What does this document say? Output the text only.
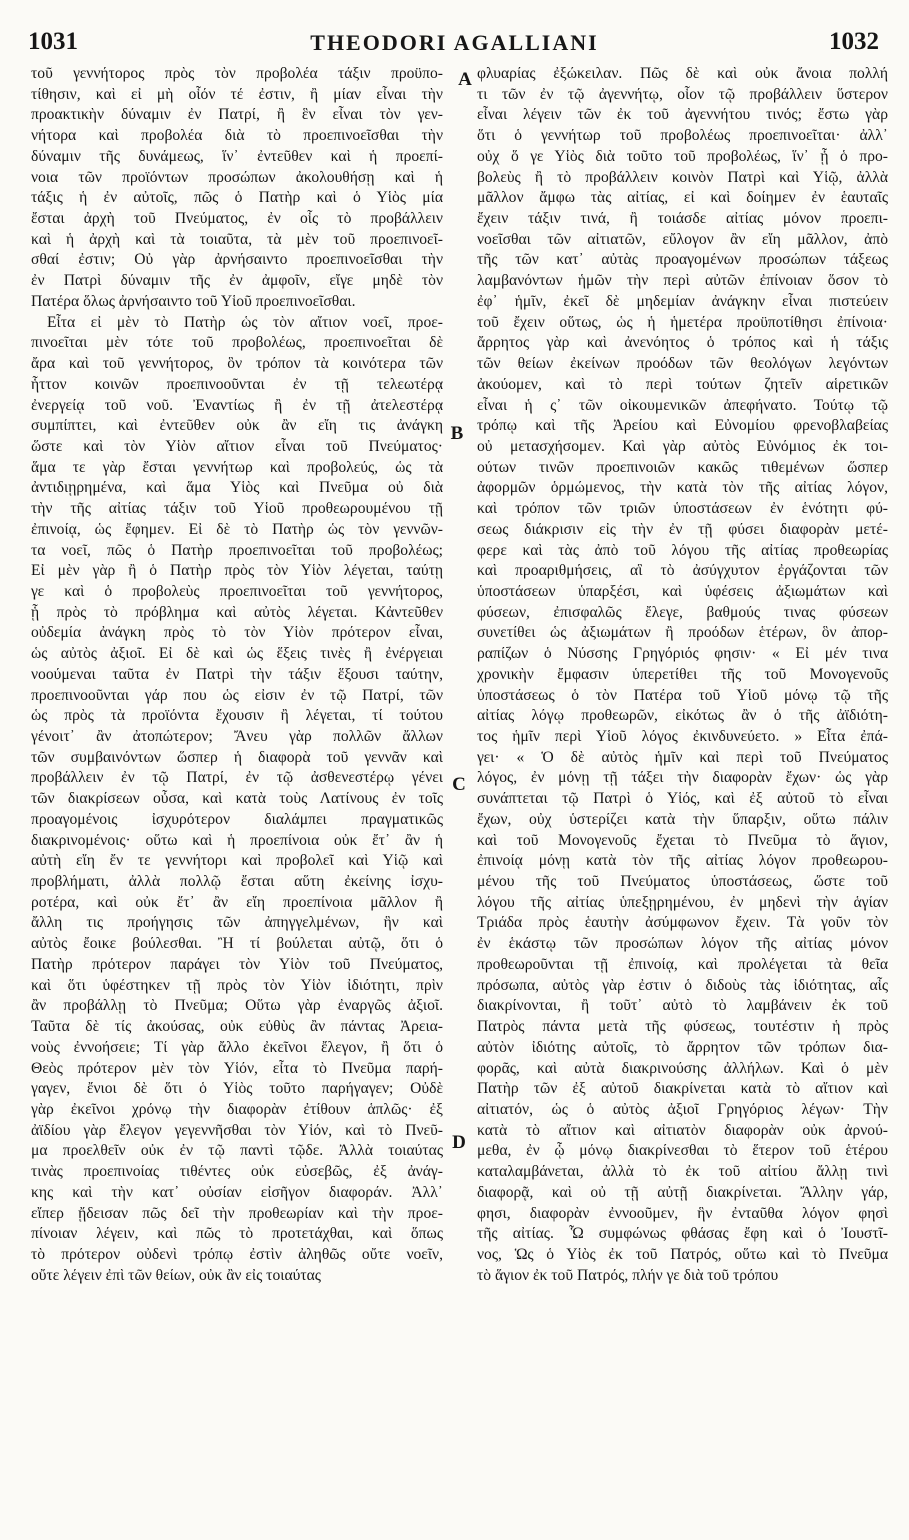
1031	THEODORI AGALLIANI	1032
τοῦ γεννήτορος πρὸς τὸν προβολέα τάξιν προϋπο-
τίθησιν, καὶ εἰ μὴ οἷόν τέ ἐστιν, ἢ μίαν εἶναι τὴν
προακτικὴν δύναμιν ἐν Πατρί, ἢ ἓν εἶναι τὸν γεν-
νήτορα καὶ προβολέα διὰ τὸ προεπινοεῖσθαι τὴν
δύναμιν τῆς δυνάμεως, ἵν᾽ ἐντεῦθεν καὶ ἡ προεπί-
νοια τῶν προϊόντων προσώπων ἀκολουθήσῃ καὶ ἡ
τάξις ἡ ἐν αὐτοῖς, πῶς ὁ Πατὴρ καὶ ὁ Υἱὸς μία
ἔσται ἀρχὴ τοῦ Πνεύματος, ἐν οἷς τὸ προβάλλειν
καὶ ἡ ἀρχὴ καὶ τὰ τοιαῦτα, τὰ μὲν τοῦ προεπινοεῖ-
σθαί ἐστιν; Οὐ γὰρ ἀρνήσαιντο προεπινοεῖσθαι τὴν
ἐν Πατρὶ δύναμιν τῆς ἐν ἀμφοῖν, εἴγε μηδὲ τὸν
Πατέρα ὅλως ἀρνήσαιντο τοῦ Υἱοῦ προεπινοεῖσθαι.
Εἶτα εἰ μὲν τὸ Πατὴρ ὡς τὸν αἴτιον νοεῖ, προε-
πινοεῖται μὲν τότε τοῦ προβολέως, προεπινοεῖται δὲ
ἄρα καὶ τοῦ γεννήτορος, ὃν τρόπον τὰ κοινότερα τῶν
ἧττον κοινῶν προεπινοοῦνται ἐν τῇ τελεωτέρᾳ
ἐνεργείᾳ τοῦ νοῦ. Ἐναντίως ἢ ἐν τῇ ἀτελεστέρᾳ
συμπίπτει, καὶ ἐντεῦθεν οὐκ ἂν εἴη τις ἀνάγκη
ὥστε καὶ τὸν Υἱὸν αἴτιον εἶναι τοῦ Πνεύματος·
ἅμα τε γὰρ ἔσται γεννήτωρ καὶ προβολεύς, ὡς τὰ
ἀντιδιῃρημένα, καὶ ἅμα Υἱὸς καὶ Πνεῦμα οὐ διὰ
τὴν τῆς αἰτίας τάξιν τοῦ Υἱοῦ προθεωρουμένου τῇ
ἐπινοίᾳ, ὡς ἔφημεν. Εἰ δὲ τὸ Πατὴρ ὡς τὸν γεννῶν-
τα νοεῖ, πῶς ὁ Πατὴρ προεπινοεῖται τοῦ προβολέως;
Εἰ μὲν γὰρ ἢ ὁ Πατὴρ πρὸς τὸν Υἱὸν λέγεται, ταύτῃ
γε καὶ ὁ προβολεὺς προεπινοεῖται τοῦ γεννήτορος,
ᾗ πρὸς τὸ πρόβλημα καὶ αὐτὸς λέγεται. Κἀντεῦθεν
οὐδεμία ἀνάγκη πρὸς τὸ τὸν Υἱὸν πρότερον εἶναι,
ὡς αὐτὸς ἀξιοῖ. Εἰ δὲ καὶ ὡς ἕξεις τινὲς ἢ ἐνέργειαι
νοούμεναι ταῦτα ἐν Πατρὶ τὴν τάξιν ἕξουσι ταύτην,
προεπινοοῦνται γάρ που ὡς εἰσιν ἐν τῷ Πατρί, τῶν
ὡς πρὸς τὰ προϊόντα ἔχουσιν ἢ λέγεται, τί τούτου
γένοιτ᾽ ἂν ἀτοπώτερον; Ἄνευ γὰρ πολλῶν ἄλλων
τῶν συμβαινόντων ὥσπερ ἡ διαφορὰ τοῦ γεννᾶν καὶ
προβάλλειν ἐν τῷ Πατρί, ἐν τῷ ἀσθενεστέρῳ γένει
τῶν διακρίσεων οὖσα, καὶ κατὰ τοὺς Λατίνους ἐν τοῖς
προαγομένοις ἰσχυρότερον διαλάμπει πραγματικῶς
διακρινομένοις· οὕτω καὶ ἡ προεπίνοια οὐκ ἔτ᾽ ἂν ἡ
αὐτὴ εἴη ἔν τε γεννήτορι καὶ προβολεῖ καὶ Υἱῷ καὶ
προβλήματι, ἀλλὰ πολλῷ ἔσται αὕτη ἐκείνης ἰσχυ-
ροτέρα, καὶ οὐκ ἔτ᾽ ἂν εἴη προεπίνοια μᾶλλον ἢ
ἄλλη τις προήγησις τῶν ἀπηγγελμένων, ἣν καὶ
αὐτὸς ἔοικε βούλεσθαι. Ἢ τί βούλεται αὐτῷ, ὅτι ὁ
Πατὴρ πρότερον παράγει τὸν Υἱὸν τοῦ Πνεύματος,
καὶ ὅτι ὑφέστηκεν τῇ πρὸς τὸν Υἱὸν ἰδιότητι, πρὶν
ἂν προβάλλῃ τὸ Πνεῦμα; Οὕτω γὰρ ἐναργῶς ἀξιοῖ.
Ταῦτα δὲ τίς ἀκούσας, οὐκ εὐθὺς ἂν πάντας Ἀρεια-
νοὺς ἐννοήσειε; Τί γὰρ ἄλλο ἐκεῖνοι ἔλεγον, ἢ ὅτι ὁ
Θεὸς πρότερον μὲν τὸν Υἱόν, εἶτα τὸ Πνεῦμα παρή-
γαγεν, ἔνιοι δὲ ὅτι ὁ Υἱὸς τοῦτο παρήγαγεν; Οὐδὲ
γὰρ ἐκεῖνοι χρόνῳ τὴν διαφορὰν ἐτίθουν ἁπλῶς· ἐξ
ἀϊδίου γὰρ ἔλεγον γεγεννῆσθαι τὸν Υἱόν, καὶ τὸ Πνεῦ-
μα προελθεῖν οὐκ ἐν τῷ παντὶ τῷδε. Ἀλλὰ τοιαύτας
τινὰς προεπινοίας τιθέντες οὐκ εὐσεβῶς, ἐξ ἀνάγ-
κης καὶ τὴν κατ᾽ οὐσίαν εἰσῆγον διαφοράν. Ἀλλ᾽
εἴπερ ᾔδεισαν πῶς δεῖ τὴν προθεωρίαν καὶ τὴν προε-
πίνοιαν λέγειν, καὶ πῶς τὸ προτετάχθαι, καὶ ὅπως
τὸ πρότερον οὐδενὶ τρόπῳ ἐστὶν ἀληθῶς οὔτε νοεῖν,
οὔτε λέγειν ἐπὶ τῶν θείων, οὐκ ἂν εἰς τοιαύτας
φλυαρίας ἐξώκειλαν. Πῶς δὲ καὶ οὐκ ἄνοια πολλή
τι τῶν ἐν τῷ ἀγεννήτῳ, οἷον τῷ προβάλλειν ὕστερον
εἶναι λέγειν τῶν ἐκ τοῦ ἀγεννήτου τινός; ἔστω γὰρ
ὅτι ὁ γεννήτωρ τοῦ προβολέως προεπινοεῖται· ἀλλ᾽
οὐχ ὅ γε Υἱὸς διὰ τοῦτο τοῦ προβολέως, ἵν᾽ ᾖ ὁ προ-
βολεὺς ἢ τὸ προβάλλειν κοινὸν Πατρὶ καὶ Υἱῷ, ἀλλὰ
μᾶλλον ἄμφω τὰς αἰτίας, εἰ καὶ δοίημεν ἐν ἑαυταῖς
ἔχειν τάξιν τινά, ἢ τοιάσδε αἰτίας μόνον προεπι-
νοεῖσθαι τῶν αἰτιατῶν, εὔλογον ἂν εἴη μᾶλλον, ἀπὸ
τῆς τῶν κατ᾽ αὐτὰς προαγομένων προσώπων τάξεως
λαμβανόντων ἡμῶν τὴν περὶ αὐτῶν ἐπίνοιαν ὅσον τὸ
ἐφ᾽ ἡμῖν, ἐκεῖ δὲ μηδεμίαν ἀνάγκην εἶναι πιστεύειν
τοῦ ἔχειν οὕτως, ὡς ἡ ἡμετέρα προϋποτίθησι ἐπίνοια·
ἄρρητος γὰρ καὶ ἀνενόητος ὁ τρόπος καὶ ἡ τάξις
τῶν θείων ἐκείνων προόδων τῶν θεολόγων λεγόντων
ἀκούομεν, καὶ τὸ περὶ τούτων ζητεῖν αἱρετικῶν
εἶναι ἡ ς᾽ τῶν οἰκουμενικῶν ἀπεφήνατο. Τούτῳ τῷ
τρόπῳ καὶ τῆς Ἀρείου καὶ Εὐνομίου φρενοβλαβείας
οὐ μετασχήσομεν. Καὶ γὰρ αὐτὸς Εὐνόμιος ἐκ τοι-
ούτων τινῶν προεπινοιῶν κακῶς τιθεμένων ὥσπερ
ἀφορμῶν ὁρμώμενος, τὴν κατὰ τὸν τῆς αἰτίας λόγον,
καὶ τρόπον τῶν τριῶν ὑποστάσεων ἐν ἑνότητι φύ-
σεως διάκρισιν εἰς τὴν ἐν τῇ φύσει διαφορὰν μετέ-
φερε καὶ τὰς ἀπὸ τοῦ λόγου τῆς αἰτίας προθεωρίας
καὶ προαριθμήσεις, αἳ τὸ ἀσύγχυτον ἐργάζονται τῶν
ὑποστάσεων ὑπαρξέσι, καὶ ὑφέσεις ἀξιωμάτων καὶ
φύσεων, ἐπισφαλῶς ἔλεγε, βαθμούς τινας φύσεων
συνετίθει ὡς ἀξιωμάτων ἢ προόδων ἑτέρων, ὃν ἀπορ-
ραπίζων ὁ Νύσσης Γρηγόριός φησιν· « Εἰ μέν τινα
χρονικὴν ἔμφασιν ὑπερετίθει τῆς τοῦ Μονογενοῦς
ὑποστάσεως ὁ τὸν Πατέρα τοῦ Υἱοῦ μόνῳ τῷ τῆς
αἰτίας λόγῳ προθεωρῶν, εἰκότως ἂν ὁ τῆς ἀϊδιότη-
τος ἡμῖν περὶ Υἱοῦ λόγος ἐκινδυνεύετο. » Εἶτα ἐπά-
γει· « Ὁ δὲ αὐτὸς ἡμῖν καὶ περὶ τοῦ Πνεύματος
λόγος, ἐν μόνῃ τῇ τάξει τὴν διαφορὰν ἔχων· ὡς γὰρ
συνάπτεται τῷ Πατρὶ ὁ Υἱός, καὶ ἐξ αὐτοῦ τὸ εἶναι
ἔχων, οὐχ ὑστερίζει κατὰ τὴν ὕπαρξιν, οὕτω πάλιν
καὶ τοῦ Μονογενοῦς ἔχεται τὸ Πνεῦμα τὸ ἅγιον,
ἐπινοίᾳ μόνῃ κατὰ τὸν τῆς αἰτίας λόγον προθεωρου-
μένου τῆς τοῦ Πνεύματος ὑποστάσεως, ὥστε τοῦ
λόγου τῆς αἰτίας ὑπεξῃρημένου, ἐν μηδενὶ τὴν ἁγίαν
Τριάδα πρὸς ἑαυτὴν ἀσύμφωνον ἔχειν. Τὰ γοῦν τὸν
ἐν ἑκάστῳ τῶν προσώπων λόγον τῆς αἰτίας μόνον
προθεωροῦνται τῇ ἐπινοίᾳ, καὶ προλέγεται τὰ θεῖα
πρόσωπα, αὐτὸς γὰρ ἐστιν ὁ διδοὺς τὰς ἰδιότητας, αἷς
διακρίνονται, ἢ τοῦτ᾽ αὐτὸ τὸ λαμβάνειν ἐκ τοῦ
Πατρὸς πάντα μετὰ τῆς φύσεως, τουτέστιν ἡ πρὸς
αὐτὸν ἰδιότης αὐτοῖς, τὸ ἄρρητον τῶν τρόπων δια-
φορᾶς, καὶ αὐτὰ διακρινούσης ἀλλήλων. Καὶ ὁ μὲν
Πατὴρ τῶν ἐξ αὐτοῦ διακρίνεται κατὰ τὸ αἴτιον καὶ
αἰτιατόν, ὡς ὁ αὐτὸς ἀξιοῖ Γρηγόριος λέγων· Τὴν
κατὰ τὸ αἴτιον καὶ αἰτιατὸν διαφορὰν οὐκ ἀρνού-
μεθα, ἐν ᾧ μόνῳ διακρίνεσθαι τὸ ἕτερον τοῦ ἑτέρου
καταλαμβάνεται, ἀλλὰ τὸ ἐκ τοῦ αἰτίου ἄλλῃ τινὶ
διαφορᾷ, καὶ οὐ τῇ αὐτῇ διακρίνεται. Ἄλλην γάρ,
φησι, διαφορὰν ἐννοοῦμεν, ἣν ἐνταῦθα λόγον φησὶ
τῆς αἰτίας. Ὧ συμφώνως φθάσας ἔφη καὶ ὁ Ἰουστῖ-
νος, Ὡς ὁ Υἱὸς ἐκ τοῦ Πατρός, οὕτω καὶ τὸ Πνεῦμα
τὸ ἅγιον ἐκ τοῦ Πατρός, πλήν γε διὰ τοῦ τρόπου
A
B
C
D
